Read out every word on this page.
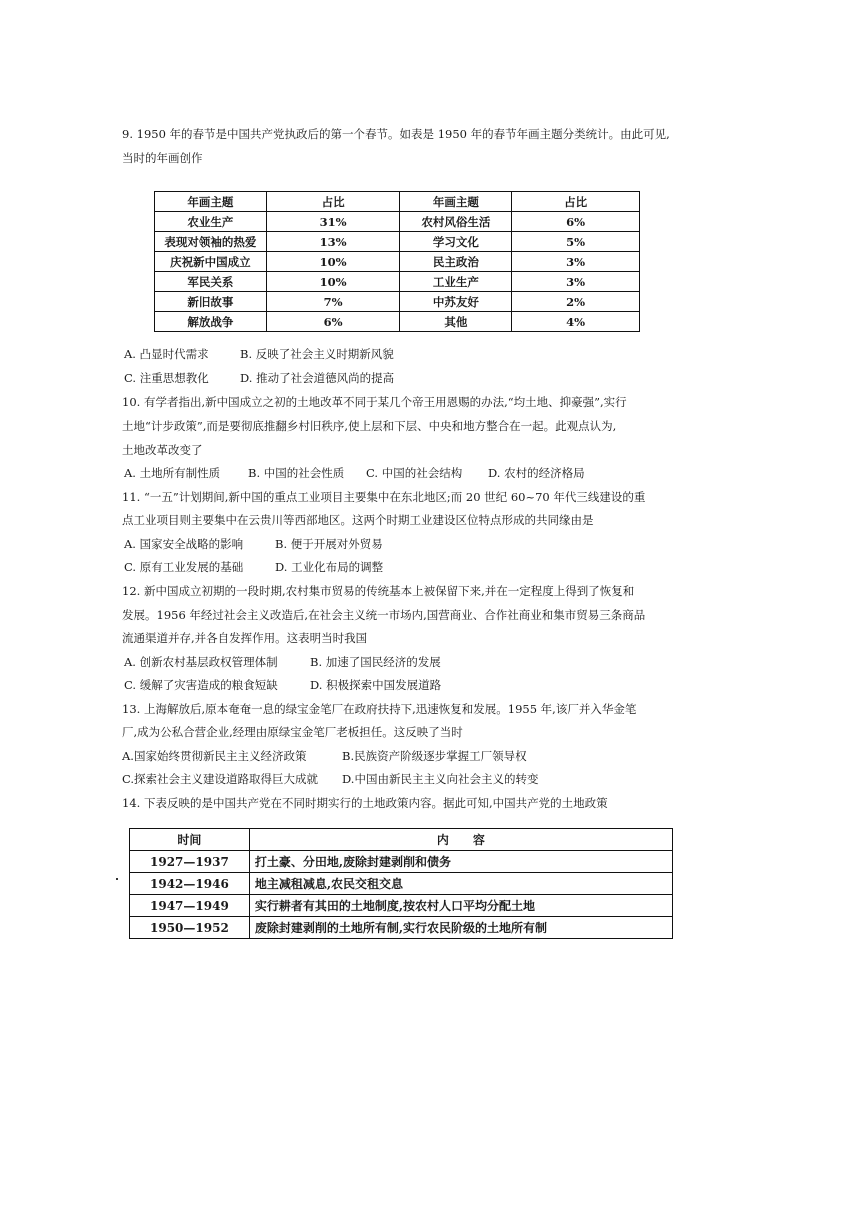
9. 1950 年的春节是中国共产党执政后的第一个春节。如表是 1950 年的春节年画主题分类统计。由此可见,
当时的年画创作
年画主题	占比	年画主题	占比
农业生产	31%	农村风俗生活	6%
表现对领袖的热爱	13%	学习文化	5%
庆祝新中国成立	10%	民主政治	3%
军民关系	10%	工业生产	3%
新旧故事	7%	中苏友好	2%
解放战争	6%	其他	4%
A. 凸显时代需求	B. 反映了社会主义时期新风貌
C. 注重思想教化	D. 推动了社会道德风尚的提高
10. 有学者指出,新中国成立之初的土地改革不同于某几个帝王用恩赐的办法,“均土地、抑豪强”,实行
土地“计步政策”,而是要彻底推翻乡村旧秩序,使上层和下层、中央和地方整合在一起。此观点认为,
土地改革改变了
A. 土地所有制性质 B. 中国的社会性质 C. 中国的社会结构 D. 农村的经济格局
11. “一五”计划期间,新中国的重点工业项目主要集中在东北地区;而 20 世纪 60~70 年代三线建设的重
点工业项目则主要集中在云贵川等西部地区。这两个时期工业建设区位特点形成的共同缘由是
A. 国家安全战略的影响	B. 便于开展对外贸易
C. 原有工业发展的基础	D. 工业化布局的调整
12. 新中国成立初期的一段时期,农村集市贸易的传统基本上被保留下来,并在一定程度上得到了恢复和
发展。1956 年经过社会主义改造后,在社会主义统一市场内,国营商业、合作社商业和集市贸易三条商品
流通渠道并存,并各自发挥作用。这表明当时我国
A. 创新农村基层政权管理体制	B. 加速了国民经济的发展
C. 缓解了灾害造成的粮食短缺	D. 积极探索中国发展道路
13. 上海解放后,原本奄奄一息的绿宝金笔厂在政府扶持下,迅速恢复和发展。1955 年,该厂并入华金笔
厂,成为公私合营企业,经理由原绿宝金笔厂老板担任。这反映了当时
A.国家始终贯彻新民主主义经济政策	B.民族资产阶级逐步掌握工厂领导权
C.探索社会主义建设道路取得巨大成就 D.中国由新民主主义向社会主义的转变
14. 下表反映的是中国共产党在不同时期实行的土地政策内容。据此可知,中国共产党的土地政策
时间	内　　容
1927—1937	打土豪、分田地,废除封建剥削和债务
1942—1946	地主减租减息,农民交租交息
1947—1949	实行耕者有其田的土地制度,按农村人口平均分配土地
1950—1952	废除封建剥削的土地所有制,实行农民阶级的土地所有制
